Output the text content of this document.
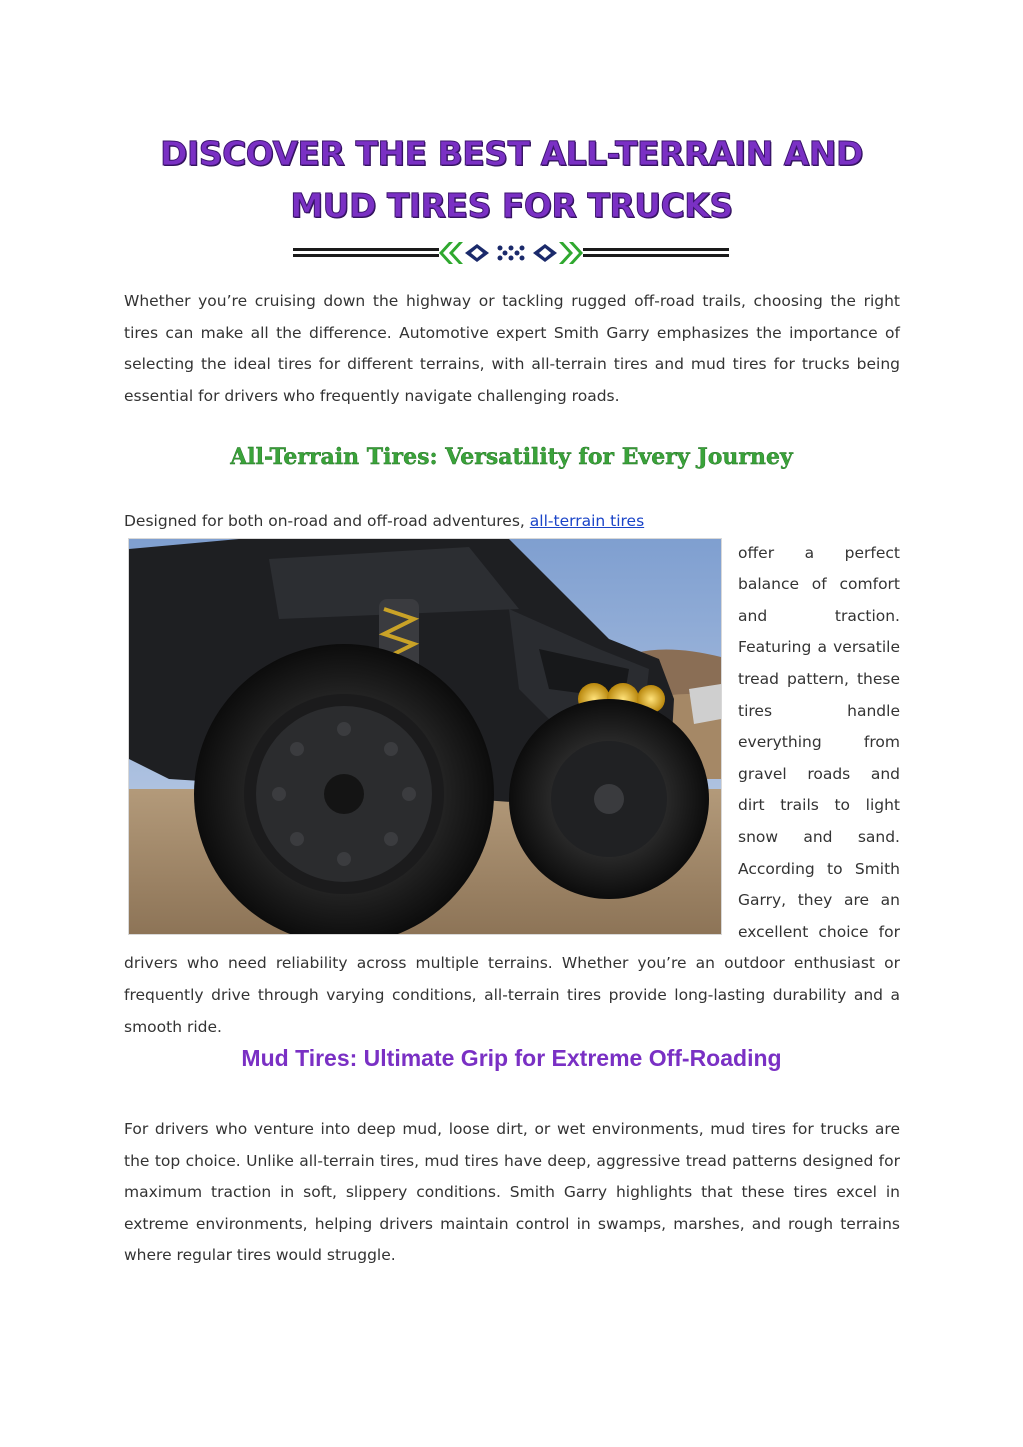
DISCOVER THE BEST ALL-TERRAIN AND
MUD TIRES FOR TRUCKS

Whether you’re cruising down the highway or tackling rugged off-road trails, choosing the right tires can make all the difference. Automotive expert Smith Garry emphasizes the importance of selecting the ideal tires for different terrains, with all-terrain tires and mud tires for trucks being essential for drivers who frequently navigate challenging roads.

All-Terrain Tires: Versatility for Every Journey

Designed for both on-road and off-road adventures, all-terrain tires
offer a perfect balance of comfort and traction. Featuring a versatile tread pattern, these tires handle everything from gravel roads and dirt trails to light snow and sand. According to Smith Garry, they are an excellent choice for drivers who need reliability across multiple terrains. Whether you’re an outdoor enthusiast or frequently drive through varying conditions, all-terrain tires provide long-lasting durability and a smooth ride.

Mud Tires: Ultimate Grip for Extreme Off-Roading

For drivers who venture into deep mud, loose dirt, or wet environments, mud tires for trucks are the top choice. Unlike all-terrain tires, mud tires have deep, aggressive tread patterns designed for maximum traction in soft, slippery conditions. Smith Garry highlights that these tires excel in extreme environments, helping drivers maintain control in swamps, marshes, and rough terrains where regular tires would struggle.
